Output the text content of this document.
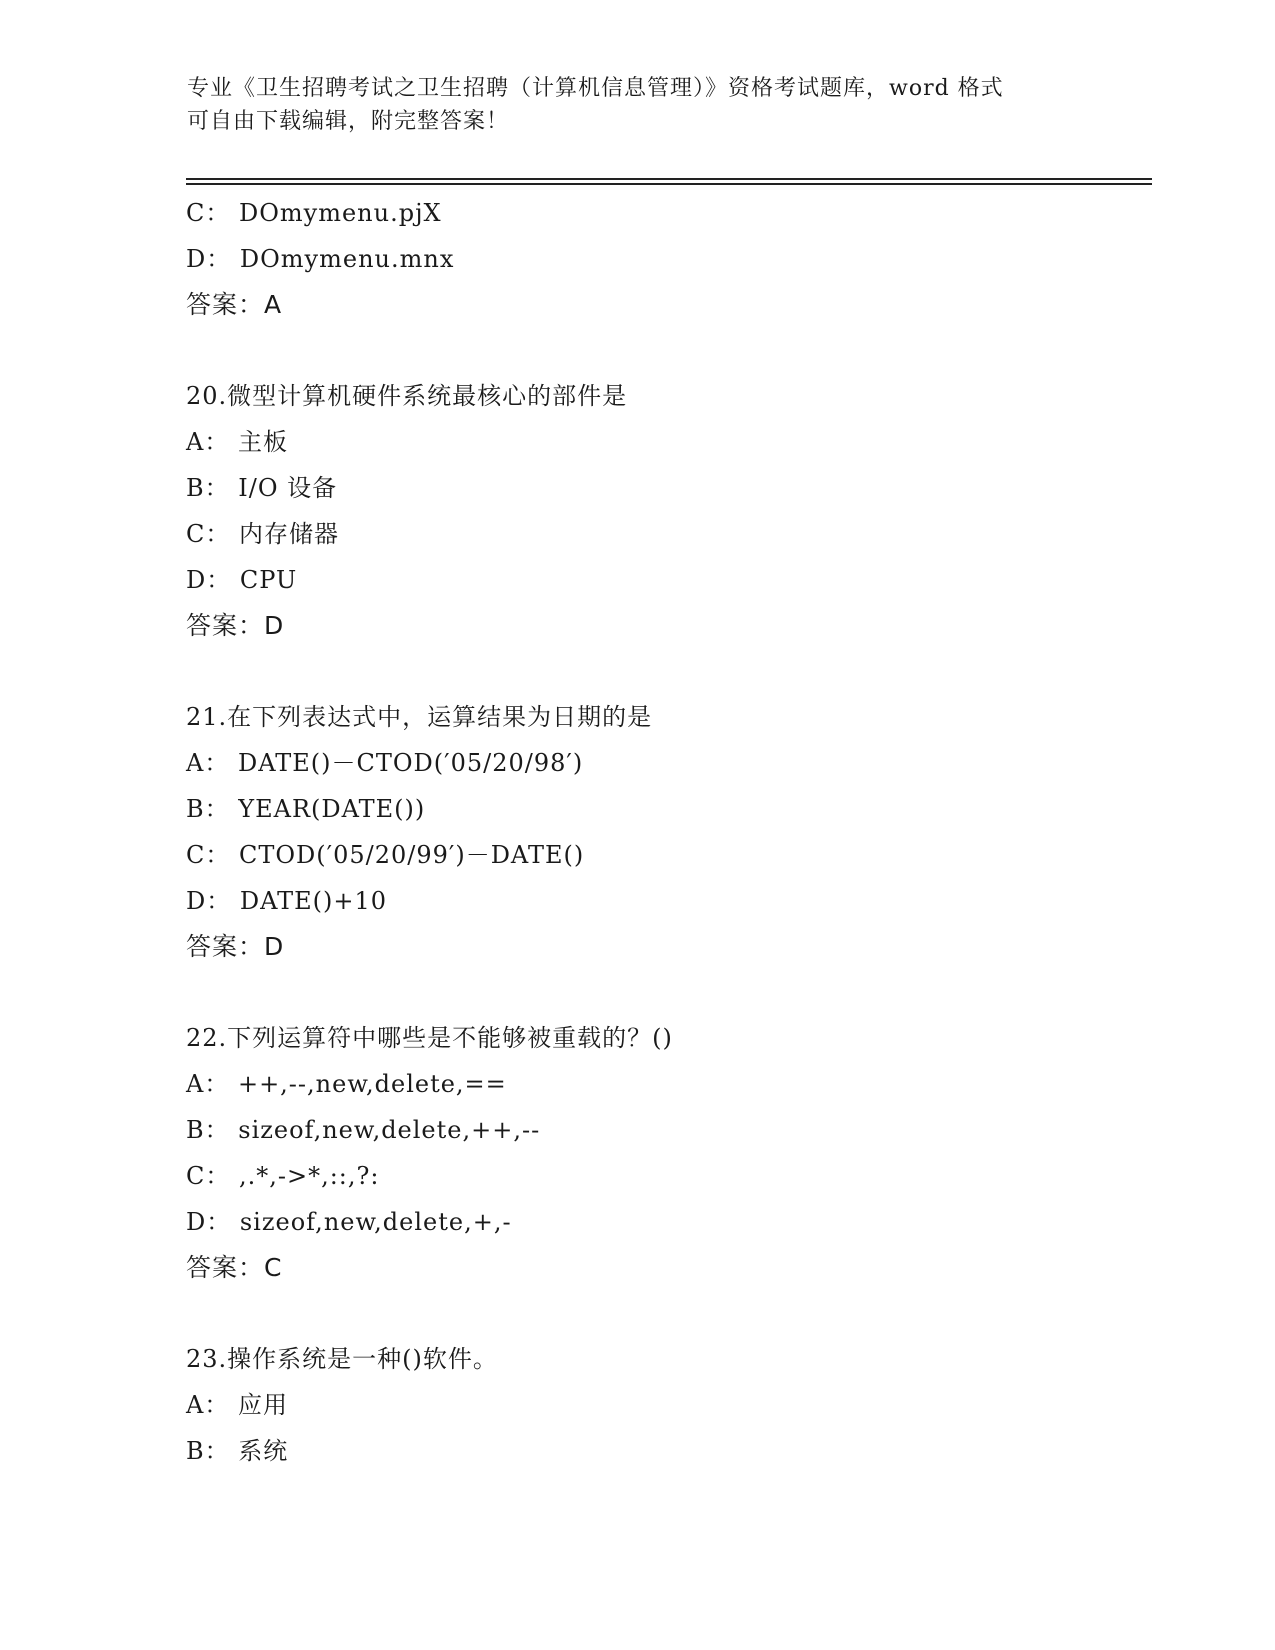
专业《卫生招聘考试之卫生招聘（计算机信息管理）》资格考试题库，word 格式
可自由下载编辑，附完整答案！
C： DOmymenu.pjX
D： DOmymenu.mnx
答案：A
20.微型计算机硬件系统最核心的部件是
A： 主板
B： I/O 设备
C： 内存储器
D： CPU
答案：D
21.在下列表达式中，运算结果为日期的是
A： DATE()－CTOD(′05/20/98′)
B： YEAR(DATE())
C： CTOD(′05/20/99′)－DATE()
D： DATE()+10
答案：D
22.下列运算符中哪些是不能够被重载的？()
A： ++,--,new,delete,==
B： sizeof,new,delete,++,--
C： ,.*,->*,::,?:
D： sizeof,new,delete,+,-
答案：C
23.操作系统是一种()软件。
A： 应用
B： 系统
